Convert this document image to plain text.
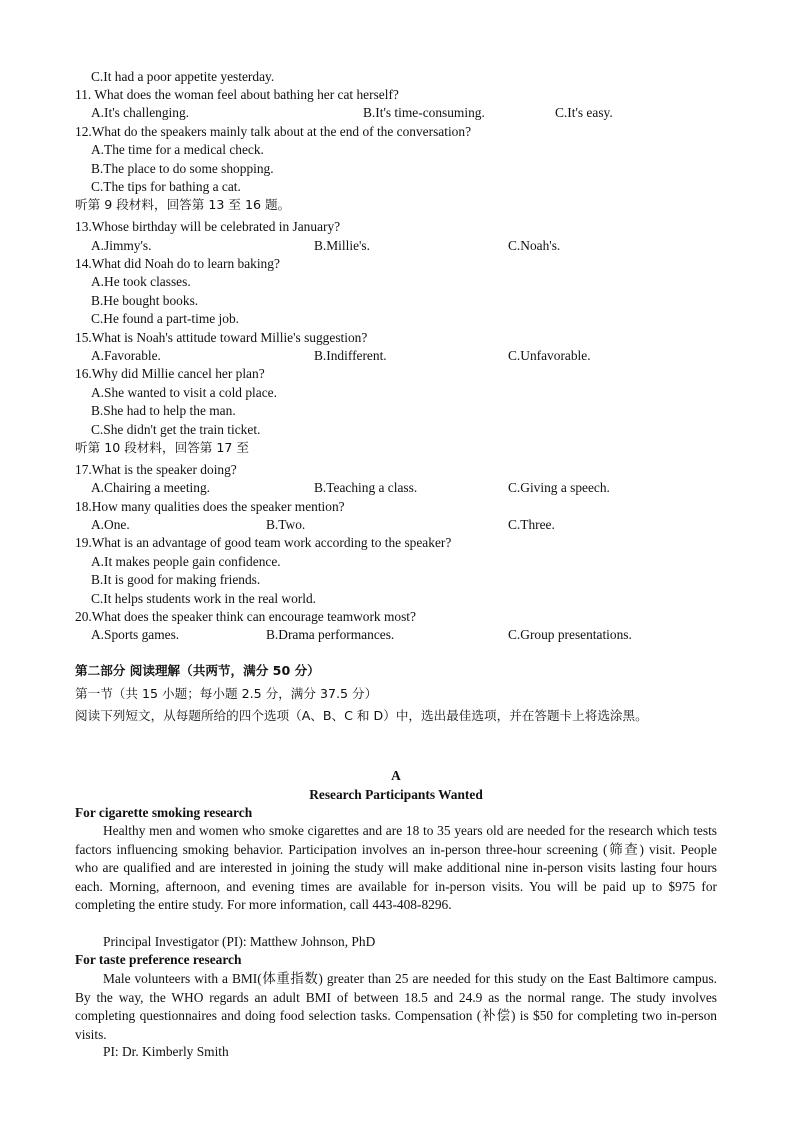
C.It had a poor appetite yesterday.
11. What does the woman feel about bathing her cat herself?
A.It's challenging.	B.It's time-consuming.	C.It's easy.
12.What do the speakers mainly talk about at the end of the conversation?
A.The time for a medical check.
B.The place to do some shopping.
C.The tips for bathing a cat.
听第 9 段材料，回答第 13 至 16 题。
13.Whose birthday will be celebrated in January?
A.Jimmy's.	B.Millie's.	C.Noah's.
14.What did Noah do to learn baking?
A.He took classes.
B.He bought books.
C.He found a part-time job.
15.What is Noah's attitude toward Millie's suggestion?
A.Favorable.	B.Indifferent.	C.Unfavorable.
16.Why did Millie cancel her plan?
A.She wanted to visit a cold place.
B.She had to help the man.
C.She didn't get the train ticket.
听第 10 段材料，回答第 17 至
17.What is the speaker doing?
A.Chairing a meeting.	B.Teaching a class.	C.Giving a speech.
18.How many qualities does the speaker mention?
A.One.	B.Two.	C.Three.
19.What is an advantage of good team work according to the speaker?
A.It makes people gain confidence.
B.It is good for making friends.
C.It helps students work in the real world.
20.What does the speaker think can encourage teamwork most?
A.Sports games.	B.Drama performances.	C.Group presentations.
第二部分 阅读理解（共两节，满分 50 分）
第一节（共 15 小题；每小题 2.5 分，满分 37.5 分）
阅读下列短文，从每题所给的四个选项（A、B、C 和 D）中，选出最佳选项，并在答题卡上将选涂黑。
A
Research Participants Wanted
For cigarette smoking research
Healthy men and women who smoke cigarettes and are 18 to 35 years old are needed for the research which tests factors influencing smoking behavior. Participation involves an in-person three-hour screening (筛查) visit. People who are qualified and are interested in joining the study will make additional nine in-person visits lasting four hours each. Morning, afternoon, and evening times are available for in-person visits. You will be paid up to $975 for completing the entire study. For more information, call 443-408-8296.
Principal Investigator (PI): Matthew Johnson, PhD
For taste preference research
Male volunteers with a BMI(体重指数) greater than 25 are needed for this study on the East Baltimore campus. By the way, the WHO regards an adult BMI of between 18.5 and 24.9 as the normal range. The study involves completing questionnaires and doing food selection tasks. Compensation (补偿) is $50 for completing two in-person visits.
PI: Dr. Kimberly Smith
